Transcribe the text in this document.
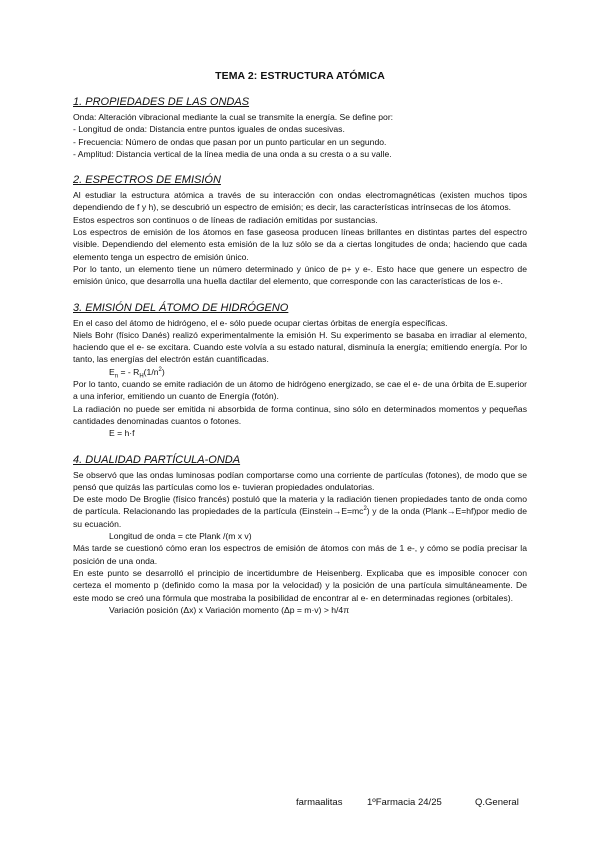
TEMA 2: ESTRUCTURA ATÓMICA
1. PROPIEDADES DE LAS ONDAS

Onda: Alteración vibracional mediante la cual se transmite la energía. Se define por:

- Longitud de onda: Distancia entre puntos iguales de ondas sucesivas.

- Frecuencia: Número de ondas que pasan por un punto particular en un segundo.

- Amplitud: Distancia vertical de la línea media de una onda a su cresta o a su valle.

2. ESPECTROS DE EMISIÓN

Al estudiar la estructura atómica a través de su interacción con ondas electromagnéticas (existen muchos tipos dependiendo de f y h), se descubrió un espectro de emisión; es decir, las características intrínsecas de los átomos.

Estos espectros son continuos o de líneas de radiación emitidas por sustancias.

Los espectros de emisión de los átomos en fase gaseosa producen líneas brillantes en distintas partes del espectro visible. Dependiendo del elemento esta emisión de la luz sólo se da a ciertas longitudes de onda; haciendo que cada elemento tenga un espectro de emisión único.

Por lo tanto, un elemento tiene un número determinado y único de p+ y e-. Esto hace que genere un espectro de emisión único, que desarrolla una huella dactilar del elemento, que corresponde con las características de los e-.

3. EMISIÓN DEL ÁTOMO DE HIDRÓGENO

En el caso del átomo de hidrógeno, el e- sólo puede ocupar ciertas órbitas de energía específicas.

Niels Bohr (físico Danés) realizó experimentalmente la emisión H. Su experimento se basaba en irradiar al elemento, haciendo que el e- se excitara. Cuando este volvía a su estado natural, disminuía la energía; emitiendo energía. Por lo tanto, las energías del electrón están cuantificadas.

$E_n$ = - $R_H(1/n^2)$

Por lo tanto, cuando se emite radiación de un átomo de hidrógeno energizado, se cae el e- de una órbita de E.superior a una inferior, emitiendo un cuanto de Energía (fotón).

La radiación no puede ser emitida ni absorbida de forma continua, sino sólo en determinados momentos y pequeñas cantidades denominadas cuantos o fotones.

E = h·f

4. DUALIDAD PARTÍCULA-ONDA

Se observó que las ondas luminosas podían comportarse como una corriente de partículas (fotones), de modo que se pensó que quizás las partículas como los e- tuvieran propiedades ondulatorias.

De este modo De Broglie (físico francés) postuló que la materia y la radiación tienen propiedades tanto de onda como de partícula. Relacionando las propiedades de la partícula $(Einstein\to E=mc^2)$ y de la onda (Plank→E=hf)por medio de su ecuación.

Longitud de onda = cte Plank /(m x v)

Más tarde se cuestionó cómo eran los espectros de emisión de átomos con más de 1 e-, y cómo se podía precisar la posición de una onda.

En este punto se desarrolló el principio de incertidumbre de Heisenberg. Explicaba que es imposible conocer con certeza el momento p (definido como la masa por la velocidad) y la posición de una partícula simultáneamente. De este modo se creó una fórmula que mostraba la posibilidad de encontrar al e- en determinadas regiones (orbitales).

Variación posición (Δx) x Variación momento (Δp = m·v) > h/4π

farmaalitas	1ºFarmacia 24/25	Q.General
